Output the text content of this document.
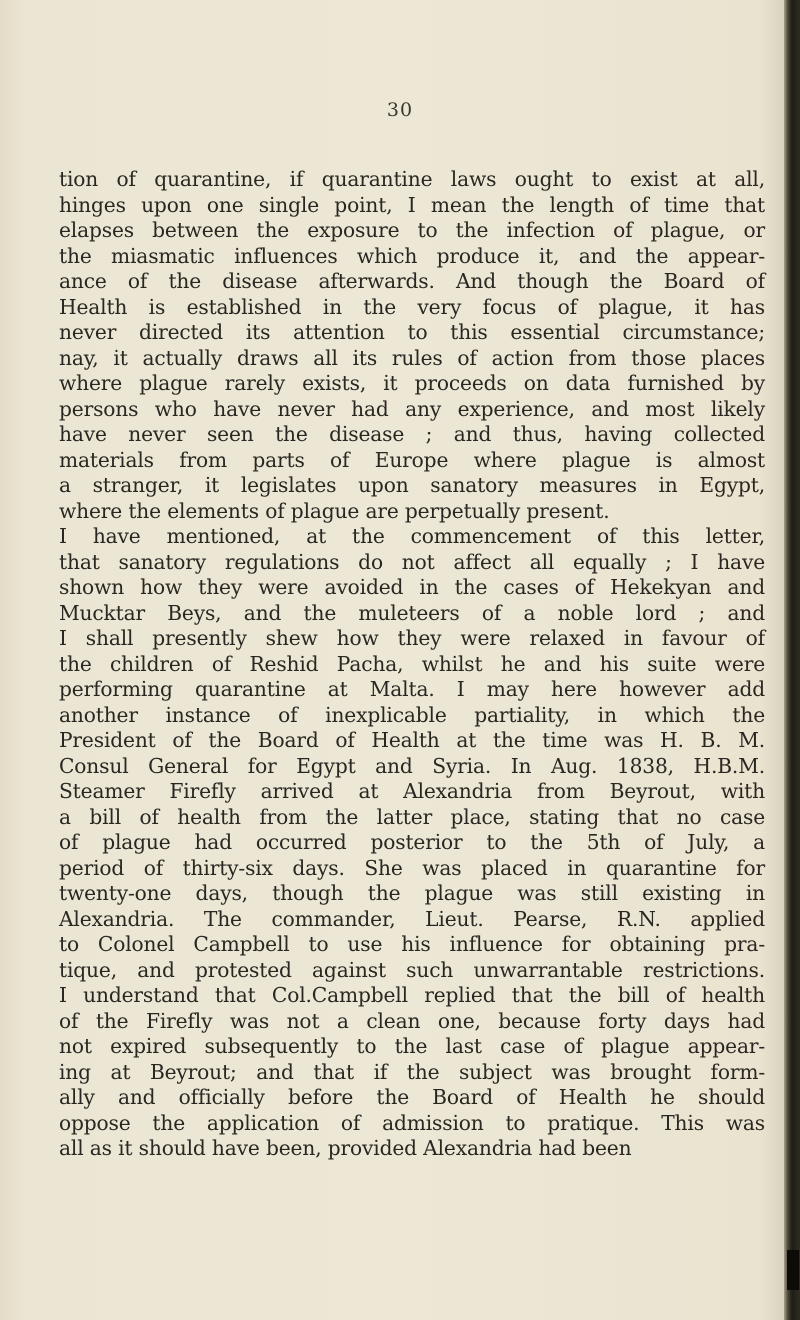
30
tion of quarantine, if quarantine laws ought to exist at all,
hinges upon one single point, I mean the length of time that
elapses between the exposure to the infection of plague, or
the miasmatic influences which produce it, and the appear-
ance of the disease afterwards. And though the Board of
Health is established in the very focus of plague, it has
never directed its attention to this essential circumstance;
nay, it actually draws all its rules of action from those places
where plague rarely exists, it proceeds on data furnished by
persons who have never had any experience, and most likely
have never seen the disease ; and thus, having collected
materials from parts of Europe where plague is almost
a stranger, it legislates upon sanatory measures in Egypt,
where the elements of plague are perpetually present.
I have mentioned, at the commencement of this letter,
that sanatory regulations do not affect all equally ; I have
shown how they were avoided in the cases of Hekekyan and
Mucktar Beys, and the muleteers of a noble lord ; and
I shall presently shew how they were relaxed in favour of
the children of Reshid Pacha, whilst he and his suite were
performing quarantine at Malta. I may here however add
another instance of inexplicable partiality, in which the
President of the Board of Health at the time was H. B. M.
Consul General for Egypt and Syria. In Aug. 1838, H.B.M.
Steamer Firefly arrived at Alexandria from Beyrout, with
a bill of health from the latter place, stating that no case
of plague had occurred posterior to the 5th of July, a
period of thirty-six days. She was placed in quarantine for
twenty-one days, though the plague was still existing in
Alexandria. The commander, Lieut. Pearse, R.N. applied
to Colonel Campbell to use his influence for obtaining pra-
tique, and protested against such unwarrantable restrictions.
I understand that Col.Campbell replied that the bill of health
of the Firefly was not a clean one, because forty days had
not expired subsequently to the last case of plague appear-
ing at Beyrout; and that if the subject was brought form-
ally and officially before the Board of Health he should
oppose the application of admission to pratique. This was
all as it should have been, provided Alexandria had been
